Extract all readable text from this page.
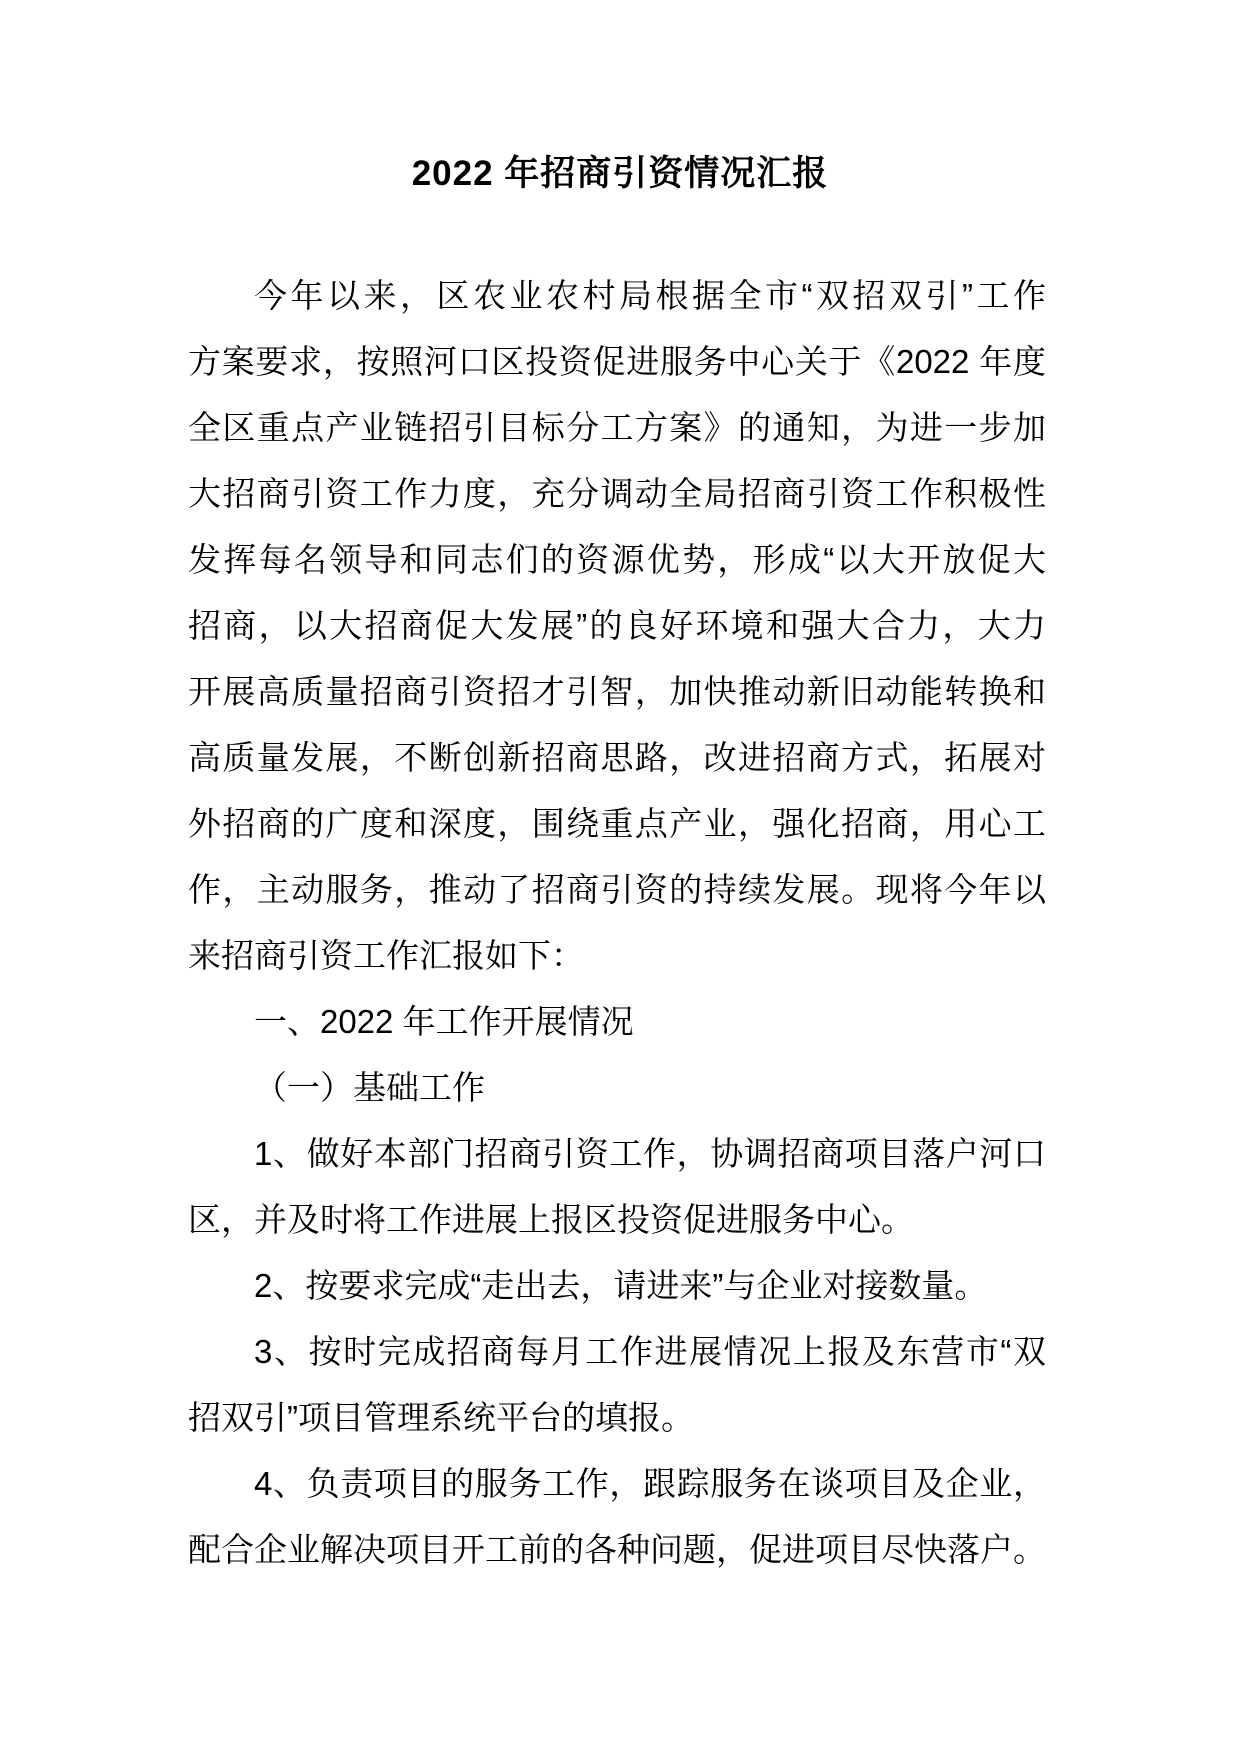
2022 年招商引资情况汇报
今年以来，区农业农村局根据全市“双招双引”工作
方案要求，按照河口区投资促进服务中心关于《2022 年度
全区重点产业链招引目标分工方案》的通知，为进一步加
大招商引资工作力度，充分调动全局招商引资工作积极性
发挥每名领导和同志们的资源优势，形成“以大开放促大
招商，以大招商促大发展”的良好环境和强大合力，大力
开展高质量招商引资招才引智，加快推动新旧动能转换和
高质量发展，不断创新招商思路，改进招商方式，拓展对
外招商的广度和深度，围绕重点产业，强化招商，用心工
作，主动服务，推动了招商引资的持续发展。现将今年以
来招商引资工作汇报如下：
一、2022 年工作开展情况
（一）基础工作
1、做好本部门招商引资工作，协调招商项目落户河口
区，并及时将工作进展上报区投资促进服务中心。
2、按要求完成“走出去，请进来”与企业对接数量。
3、按时完成招商每月工作进展情况上报及东营市“双
招双引”项目管理系统平台的填报。
4、负责项目的服务工作，跟踪服务在谈项目及企业，
配合企业解决项目开工前的各种问题，促进项目尽快落户。
